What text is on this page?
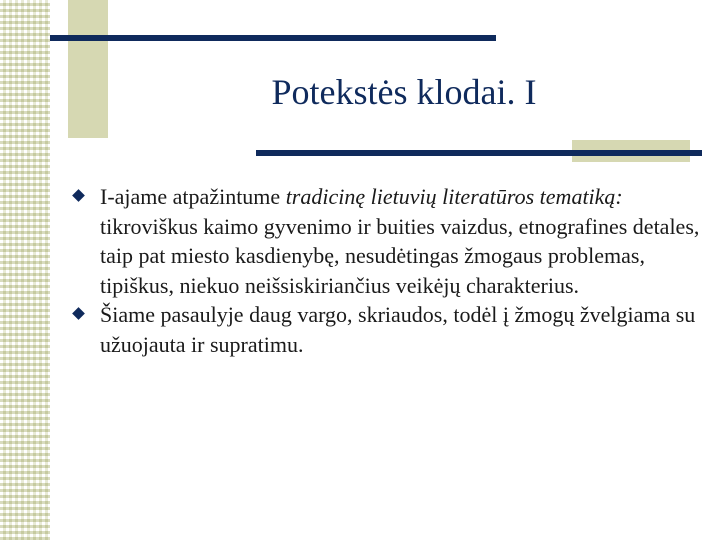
Potekstės klodai. I
I-ajame atpažintume tradicinę lietuvių literatūros tematiką: tikroviškus kaimo gyvenimo ir buities vaizdus, etnografines detales, taip pat miesto kasdienybę, nesudėtingas žmogaus problemas, tipiškus, niekuo neišsiskiriančius veikėjų charakterius.
Šiame pasaulyje daug vargo, skriaudos, todėl į žmogų žvelgiama su užuojauta ir supratimu.
